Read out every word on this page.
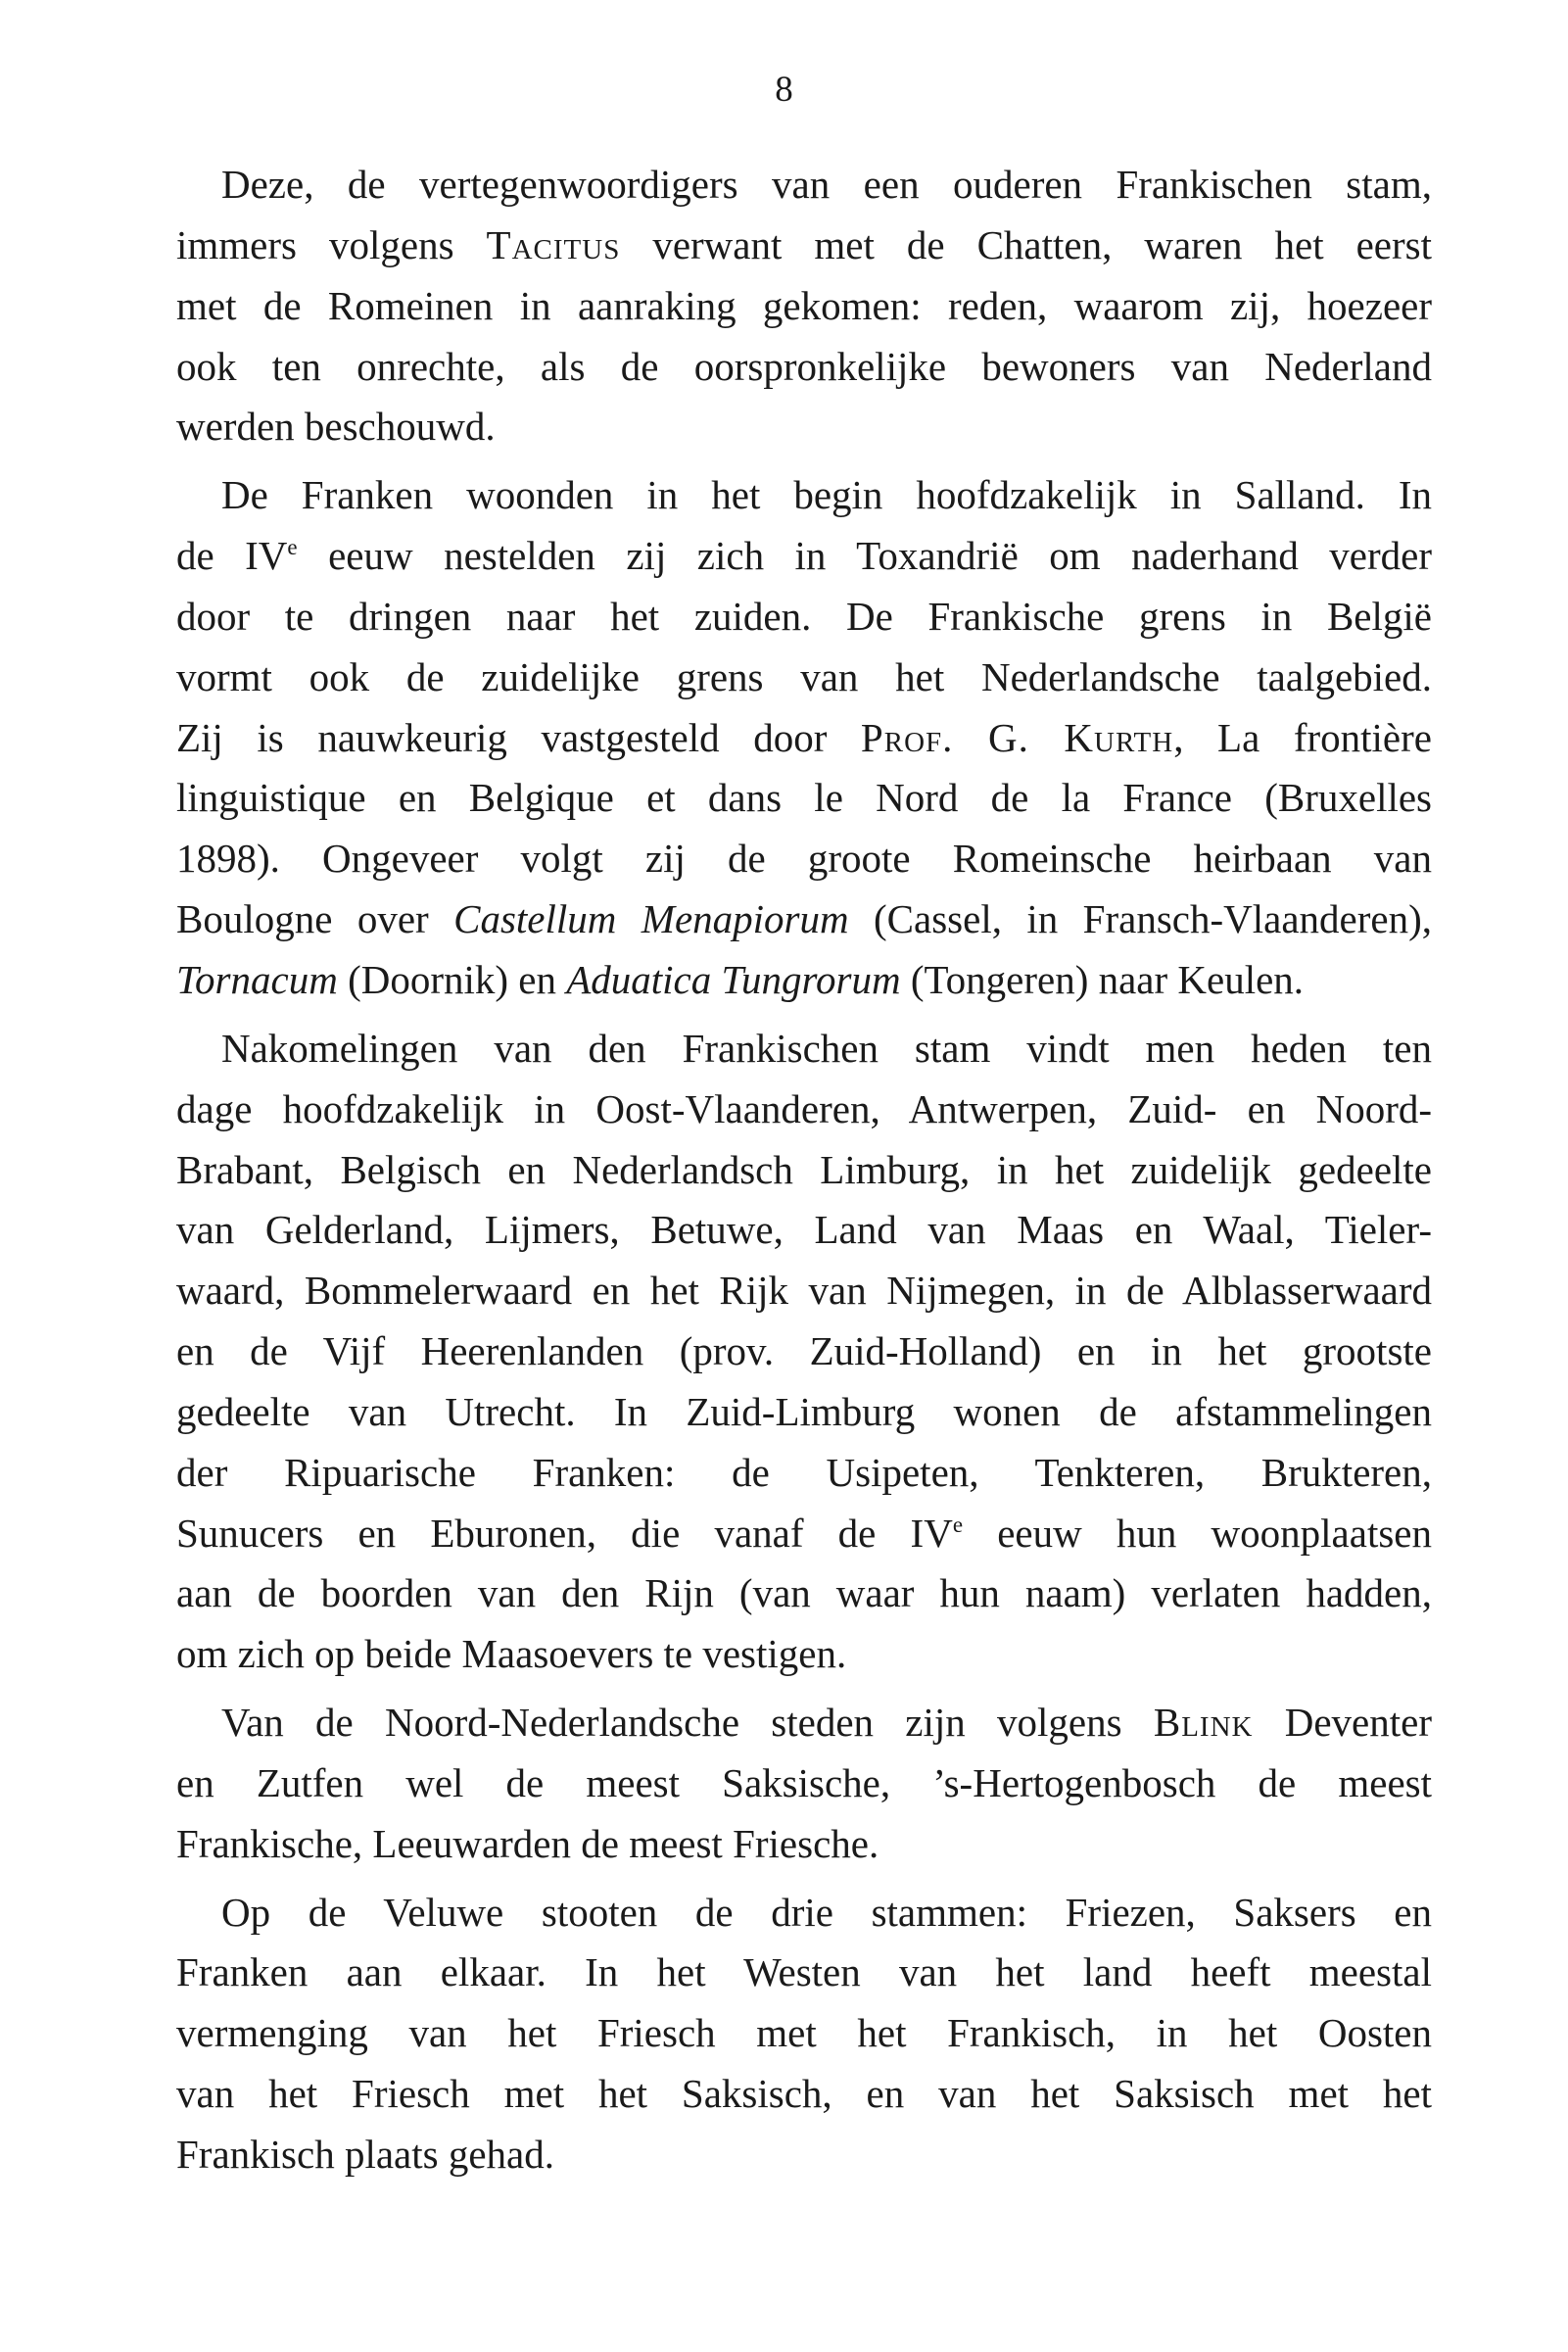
8

Deze, de vertegenwoordigers van een ouderen Frankischen stam,
immers volgens Tacitus verwant met de Chatten, waren het eerst
met de Romeinen in aanraking gekomen: reden, waarom zij, hoezeer
ook ten onrechte, als de oorspronkelijke bewoners van Nederland
werden beschouwd.

De Franken woonden in het begin hoofdzakelijk in Salland. In
de IVe eeuw nestelden zij zich in Toxandrië om naderhand verder
door te dringen naar het zuiden. De Frankische grens in België
vormt ook de zuidelijke grens van het Nederlandsche taalgebied.
Zij is nauwkeurig vastgesteld door Prof. G. Kurth, La frontière
linguistique en Belgique et dans le Nord de la France (Bruxelles
1898). Ongeveer volgt zij de groote Romeinsche heirbaan van
Boulogne over Castellum Menapiorum (Cassel, in Fransch-Vlaanderen),
Tornacum (Doornik) en Aduatica Tungrorum (Tongeren) naar Keulen.

Nakomelingen van den Frankischen stam vindt men heden ten
dage hoofdzakelijk in Oost-Vlaanderen, Antwerpen, Zuid- en Noord-
Brabant, Belgisch en Nederlandsch Limburg, in het zuidelijk gedeelte
van Gelderland, Lijmers, Betuwe, Land van Maas en Waal, Tieler-
waard, Bommelerwaard en het Rijk van Nijmegen, in de Alblasserwaard
en de Vijf Heerenlanden (prov. Zuid-Holland) en in het grootste
gedeelte van Utrecht. In Zuid-Limburg wonen de afstammelingen
der Ripuarische Franken: de Usipeten, Tenkteren, Brukteren,
Sunucers en Eburonen, die vanaf de IVe eeuw hun woonplaatsen
aan de boorden van den Rijn (van waar hun naam) verlaten hadden,
om zich op beide Maasoevers te vestigen.

Van de Noord-Nederlandsche steden zijn volgens Blink Deventer
en Zutfen wel de meest Saksische, ’s-Hertogenbosch de meest
Frankische, Leeuwarden de meest Friesche.

Op de Veluwe stooten de drie stammen: Friezen, Saksers en
Franken aan elkaar. In het Westen van het land heeft meestal
vermenging van het Friesch met het Frankisch, in het Oosten
van het Friesch met het Saksisch, en van het Saksisch met het
Frankisch plaats gehad.
